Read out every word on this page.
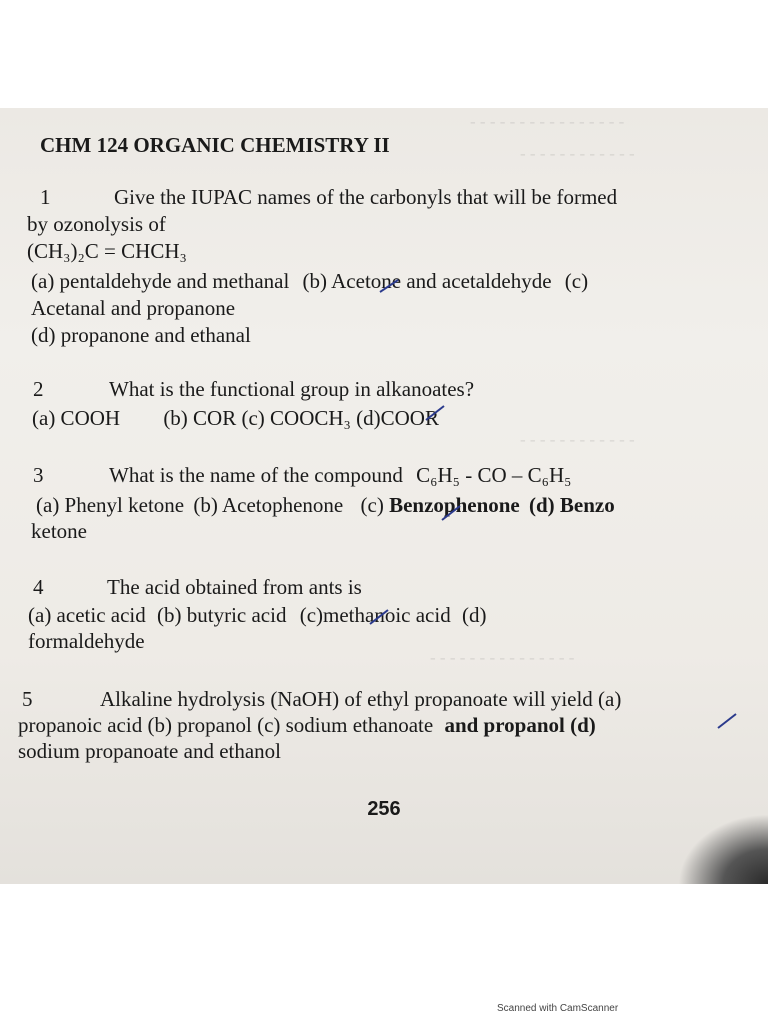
- - - - - - - - - - - - - - - -
- - - - - - - - - - - -
- - - - - - - - - - - -
- - - - - - - - - - - - - - -
CHM 124 ORGANIC CHEMISTRY II
1	Give the IUPAC names of the carbonyls that will be formed
by ozonolysis of
(CH₃)₂C = CHCH₃
(a) pentaldehyde and methanal (b) Acetone and acetaldehyde (c)
Acetanal and propanone
(d) propanone and ethanal
2	What is the functional group in alkanoates?
(a) COOH (b) COR (c) COOCH₃ (d)COOR
3	What is the name of the compound C₆H₅ - CO – C₆H₅
(a) Phenyl ketone (b) Acetophenone (c) Benzophenone (d) Benzo
ketone
4	The acid obtained from ants is
(a) acetic acid (b) butyric acid (c)methanoic acid (d)
formaldehyde
5	Alkaline hydrolysis (NaOH) of ethyl propanoate will yield (a)
propanoic acid (b) propanol (c) sodium ethanoate and propanol (d)
sodium propanoate and ethanol
256
Scanned with CamScanner
